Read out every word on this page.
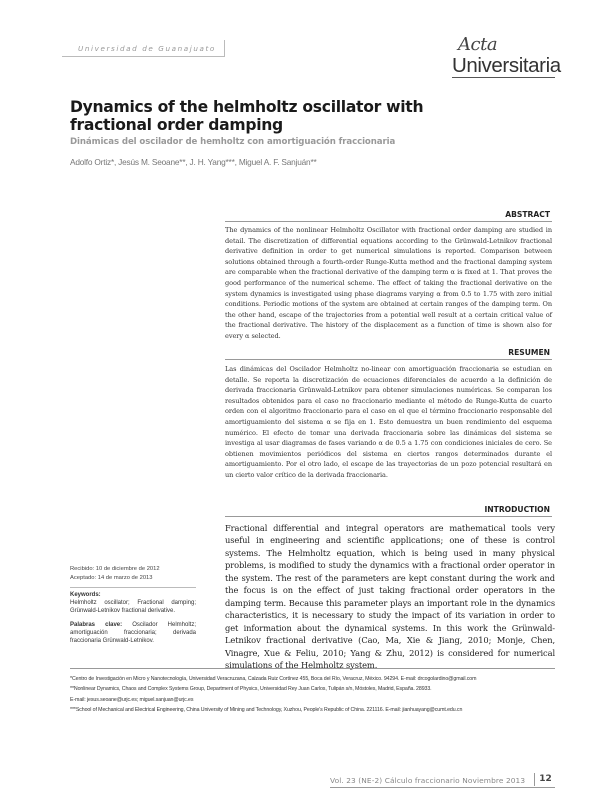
Universidad de Guanajuato	Acta
Universitaria
Dynamics of the helmholtz oscillator with fractional order damping
Dinámicas del oscilador de hemholtz con amortiguación fraccionaria
Adolfo Ortiz*, Jesús M. Seoane**, J. H. Yang***, Miguel A. F. Sanjuán**
ABSTRACT
The dynamics of the nonlinear Helmholtz Oscillator with fractional order damping are studied in detail. The discretization of differential equations according to the Grünwald-Letnikov fractional derivative definition in order to get numerical simulations is reported. Comparison between solutions obtained through a fourth-order Runge-Kutta method and the fractional damping system are comparable when the fractional derivative of the damping term α is fixed at 1. That proves the good performance of the numerical scheme. The effect of taking the fractional derivative on the system dynamics is investigated using phase diagrams varying α from 0.5 to 1.75 with zero initial conditions. Periodic motions of the system are obtained at certain ranges of the damping term. On the other hand, escape of the trajectories from a potential well result at a certain critical value of the fractional derivative. The history of the displacement as a function of time is shown also for every α selected.
RESUMEN
Las dinámicas del Oscilador Helmholtz no-linear con amortiguación fraccionaria se estudian en detalle. Se reporta la discretización de ecuaciones diferenciales de acuerdo a la definición de derivada fraccionaria Grünwald-Letnikov para obtener simulaciones numéricas. Se comparan los resultados obtenidos para el caso no fraccionario mediante el método de Runge-Kutta de cuarto orden con el algoritmo fraccionario para el caso en el que el término fraccionario responsable del amortiguamiento del sistema α se fija en 1. Esto demuestra un buen rendimiento del esquema numérico. El efecto de tomar una derivada fraccionaria sobre las dinámicas del sistema se investiga al usar diagramas de fases variando α de 0.5 a 1.75 con condiciones iniciales de cero. Se obtienen movimientos periódicos del sistema en ciertos rangos determinados durante el amortiguamiento. Por el otro lado, el escape de las trayectorias de un pozo potencial resultará en un cierto valor crítico de la derivada fraccionaria.
INTRODUCTION
Fractional differential and integral operators are mathematical tools very useful in engineering and scientific applications; one of these is control systems. The Helmholtz equation, which is being used in many physical problems, is modified to study the dynamics with a fractional order operator in the system. The rest of the parameters are kept constant during the work and the focus is on the effect of just taking fractional order operators in the damping term. Because this parameter plays an important role in the dynamics characteristics, it is necessary to study the impact of its variation in order to get information about the dynamical systems. In this work the Grünwald-Letnikov fractional derivative (Cao, Ma, Xie & Jiang, 2010; Monje, Chen, Vinagre, Xue & Feliu, 2010; Yang & Zhu, 2012) is considered for numerical simulations of the Helmholtz system.
Recibido: 10 de diciembre de 2012
Aceptado: 14 de marzo de 2013
Keywords:
Helmholtz oscillator; Fractional damping; Grünwald-Letnikov fractional derivative.
Palabras clave: Oscilador Helmholtz; amortiguación fraccionaria; derivada fraccionaria Grünwald-Letnikov.
*Centro de Investigación en Micro y Nanotecnología, Universidad Veracruzana, Calzada Ruiz Cortínez 455, Boca del Río, Veracruz, México. 94294. E-mail: drcogolardino@gmail.com
**Nonlinear Dynamics, Chaos and Complex Systems Group, Department of Physics, Universidad Rey Juan Carlos, Tulipán s/n, Móstoles, Madrid, España. 28933.
E-mail: jesus.seoane@urjc.es; miguel.sanjuan@urjc.es
***School of Mechanical and Electrical Engineering, China University of Mining and Technology, Xuzhou, People's Republic of China. 221116. E-mail: jianhuayang@cumt.edu.cn
Vol. 23 (NE-2) Cálculo fraccionario Noviembre 2013	12
